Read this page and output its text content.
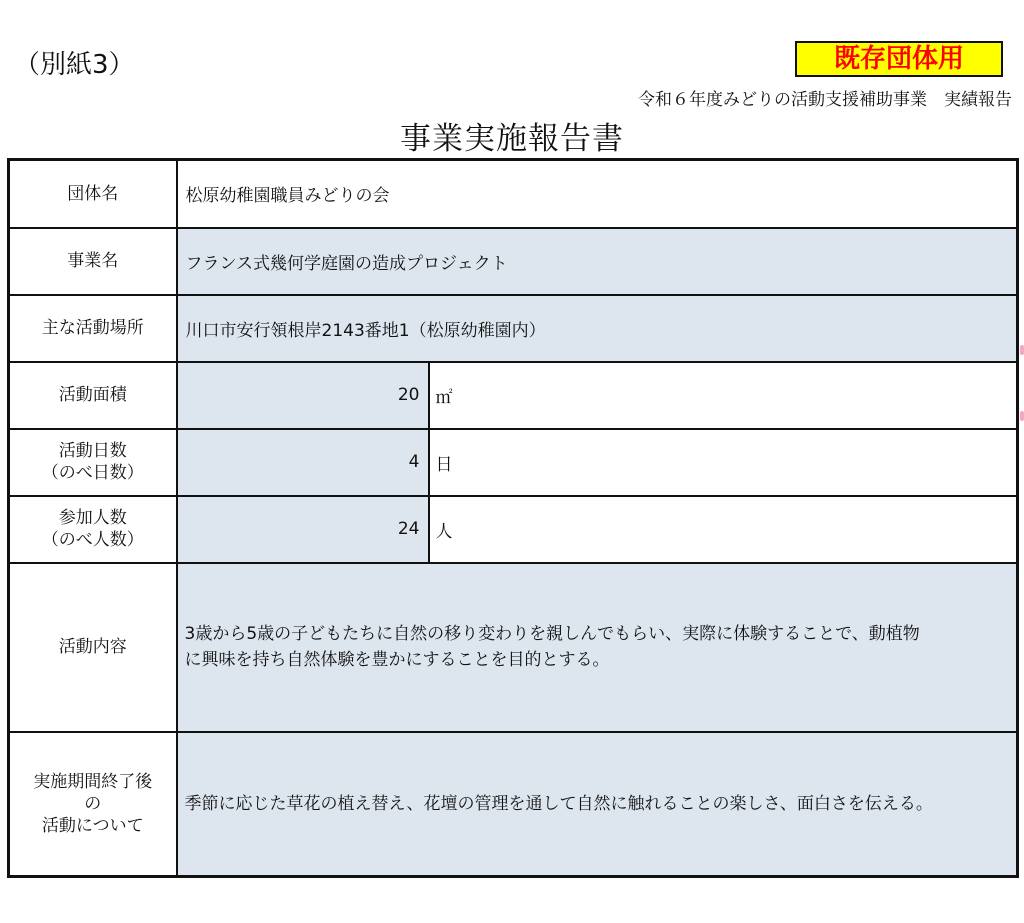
（別紙3）	既存団体用
令和６年度みどりの活動支援補助事業　実績報告
事業実施報告書
団体名	松原幼稚園職員みどりの会	
事業名	フランス式幾何学庭園の造成プロジェクト	
主な活動場所	川口市安行領根岸2143番地1（松原幼稚園内）	
活動面積	20	㎡

活動日数
（のべ日数）	4	日

参加人数
（のべ人数）	24	人
活動内容	3歳から5歳の子どもたちに自然の移り変わりを親しんでもらい、実際に体験することで、動植物
に興味を持ち自然体験を豊かにすることを目的とする。	

実施期間終了後
の
活動について	季節に応じた草花の植え替え、花壇の管理を通して自然に触れることの楽しさ、面白さを伝える。	
